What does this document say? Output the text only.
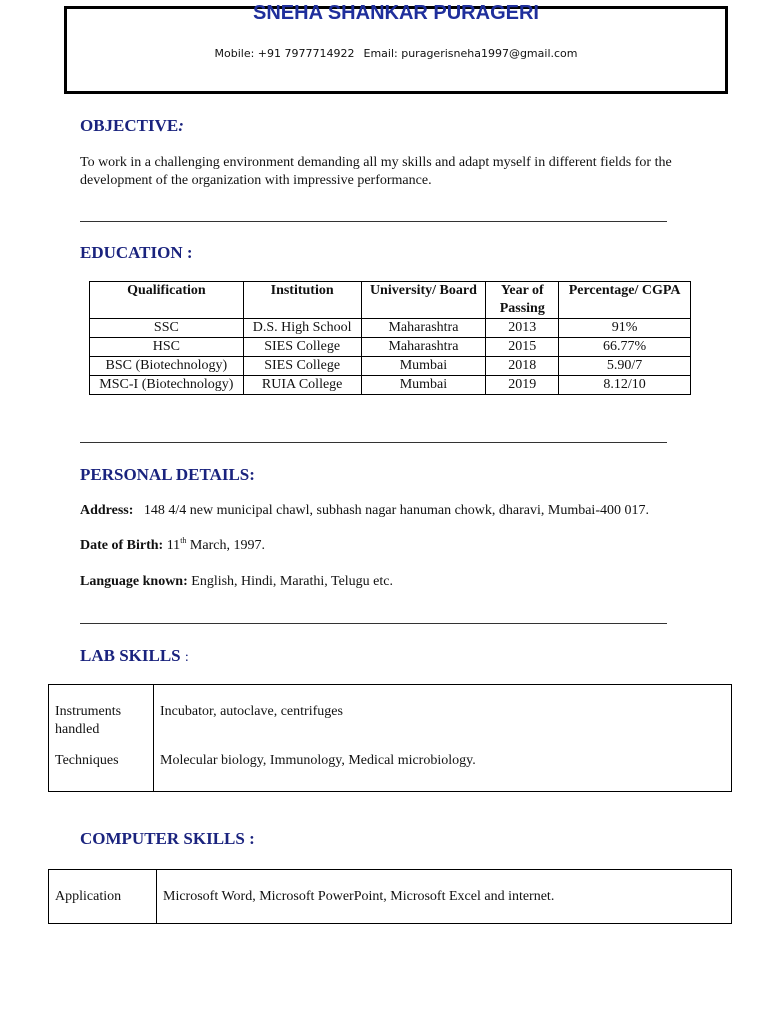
SNEHA SHANKAR PURAGERI
Mobile: +91 7977714922 Email: puragerisneha1997@gmail.com
OBJECTIVE:
To work in a challenging environment demanding all my skills and adapt myself in different fields for the development of the organization with impressive performance.
EDUCATION :
Qualification	Institution	University/ Board	Year of Passing	Percentage/ CGPA
SSC	D.S. High School	Maharashtra	2013	91%
HSC	SIES College	Maharashtra	2015	66.77%
BSC (Biotechnology)	SIES College	Mumbai	2018	5.90/7
MSC-I (Biotechnology)	RUIA College	Mumbai	2019	8.12/10
PERSONAL DETAILS:
Address: 148 4/4 new municipal chawl, subhash nagar hanuman chowk, dharavi, Mumbai-400 017.
Date of Birth: 11th March, 1997.
Language known: English, Hindi, Marathi, Telugu etc.
LAB SKILLS :
Instruments handled	Incubator, autoclave, centrifuges
Techniques	Molecular biology, Immunology, Medical microbiology.
COMPUTER SKILLS :
Application	Microsoft Word, Microsoft PowerPoint, Microsoft Excel and internet.
